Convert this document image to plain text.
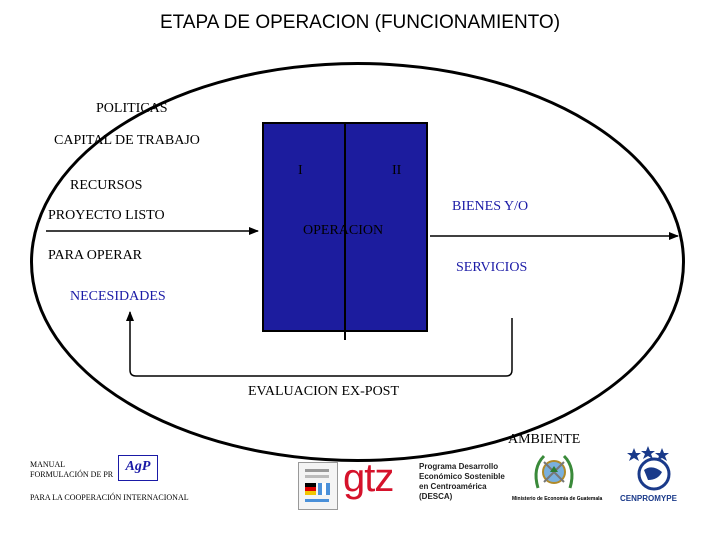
ETAPA DE OPERACION (FUNCIONAMIENTO)
POLITICAS
CAPITAL DE TRABAJO
RECURSOS
PROYECTO LISTO
PARA OPERAR
NECESIDADES
I	II
OPERACION
BIENES Y/O
SERVICIOS
EVALUACION EX-POST
AMBIENTE
MANUAL
FORMULACIÓN DE PR
AgP
PARA LA COOPERACIÓN INTERNACIONAL	gtz	Programa Desarrollo
Económico Sostenible
en Centroamérica
(DESCA)	Ministerio de Economía de Guatemala CENPROMYPE
